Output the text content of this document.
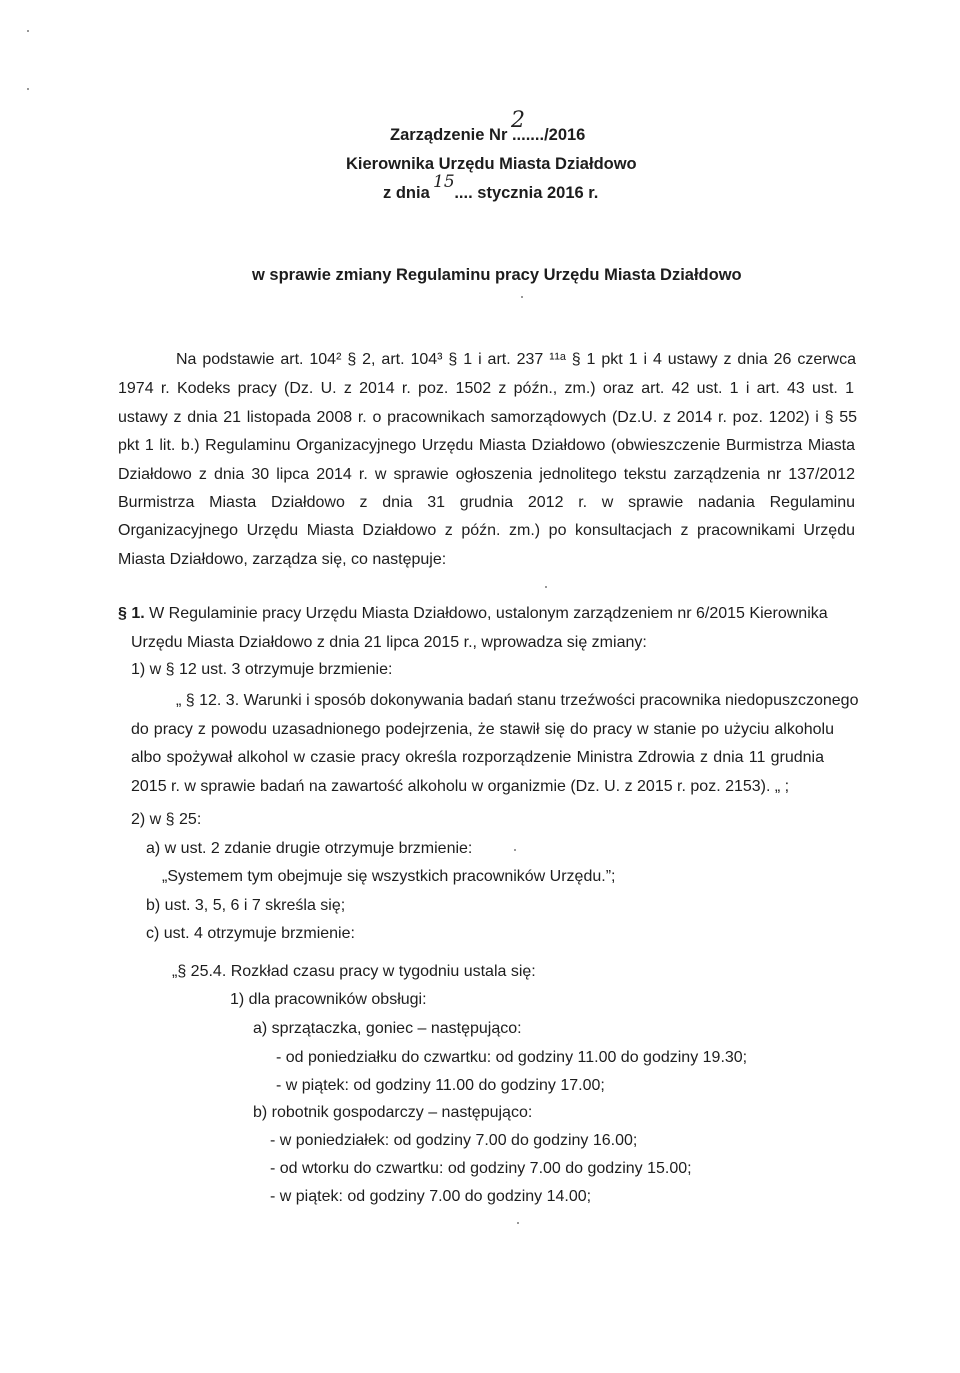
Zarządzenie Nr ......./2016
2
Kierownika Urzędu Miasta Działdowo
z dnia .... stycznia 2016 r.
15
w sprawie zmiany Regulaminu pracy Urzędu Miasta Działdowo
Na podstawie art. 104² § 2, art. 104³ § 1 i art. 237 ¹¹ᵃ § 1 pkt 1 i 4 ustawy z dnia 26 czerwca
1974 r. Kodeks pracy (Dz. U. z 2014 r. poz. 1502 z późn., zm.) oraz art. 42 ust. 1 i art. 43 ust. 1
ustawy z dnia 21 listopada 2008 r. o pracownikach samorządowych (Dz.U. z 2014 r. poz. 1202) i § 55
pkt 1 lit. b.) Regulaminu Organizacyjnego Urzędu Miasta Działdowo (obwieszczenie Burmistrza Miasta
Działdowo z dnia 30 lipca 2014 r. w sprawie ogłoszenia jednolitego tekstu zarządzenia nr 137/2012
Burmistrza Miasta Działdowo z dnia 31 grudnia 2012 r. w sprawie nadania Regulaminu
Organizacyjnego Urzędu Miasta Działdowo z późn. zm.) po konsultacjach z pracownikami Urzędu
Miasta Działdowo, zarządza się, co następuje:
§ 1. W Regulaminie pracy Urzędu Miasta Działdowo, ustalonym zarządzeniem nr 6/2015 Kierownika
Urzędu Miasta Działdowo z dnia 21 lipca 2015 r., wprowadza się zmiany:
1) w § 12 ust. 3 otrzymuje brzmienie:
„ § 12. 3. Warunki i sposób dokonywania badań stanu trzeźwości pracownika niedopuszczonego
do pracy z powodu uzasadnionego podejrzenia, że stawił się do pracy w stanie po użyciu alkoholu
albo spożywał alkohol w czasie pracy określa rozporządzenie Ministra Zdrowia z dnia 11 grudnia
2015 r. w sprawie badań na zawartość alkoholu w organizmie (Dz. U. z 2015 r. poz. 2153). „ ;
2) w § 25:
a) w ust. 2 zdanie drugie otrzymuje brzmienie:
„Systemem tym obejmuje się wszystkich pracowników Urzędu.”;
b) ust. 3, 5, 6 i 7 skreśla się;
c) ust. 4 otrzymuje brzmienie:
„§ 25.4. Rozkład czasu pracy w tygodniu ustala się:
1) dla pracowników obsługi:
a) sprzątaczka, goniec – następująco:
- od poniedziałku do czwartku: od godziny 11.00 do godziny 19.30;
- w piątek: od godziny 11.00 do godziny 17.00;
b) robotnik gospodarczy – następująco:
- w poniedziałek: od godziny 7.00 do godziny 16.00;
- od wtorku do czwartku: od godziny 7.00 do godziny 15.00;
- w piątek: od godziny 7.00 do godziny 14.00;
